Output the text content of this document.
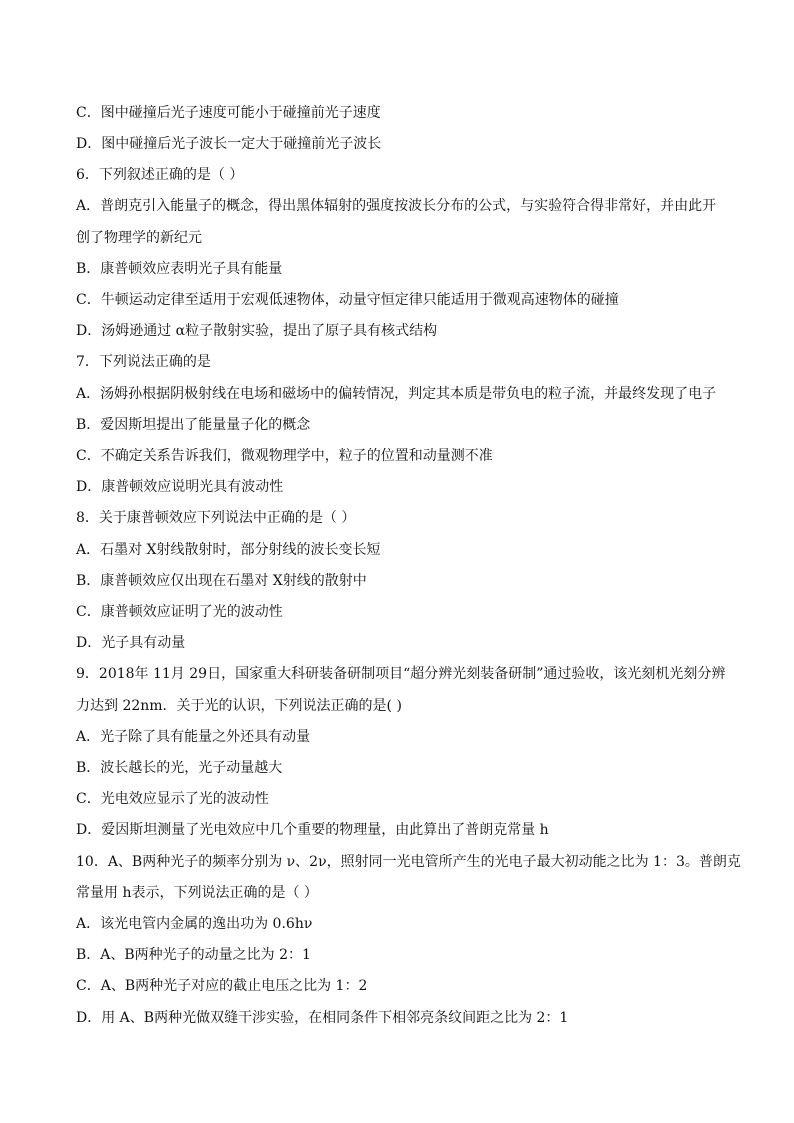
C．图中碰撞后光子速度可能小于碰撞前光子速度
D．图中碰撞后光子波长一定大于碰撞前光子波长
6．下列叙述正确的是（ ）
A．普朗克引入能量子的概念，得出黑体辐射的强度按波长分布的公式，与实验符合得非常好，并由此开
创了物理学的新纪元
B．康普顿效应表明光子具有能量
C．牛顿运动定律至适用于宏观低速物体，动量守恒定律只能适用于微观高速物体的碰撞
D．汤姆逊通过 α粒子散射实验，提出了原子具有核式结构
7．下列说法正确的是
A．汤姆孙根据阴极射线在电场和磁场中的偏转情况，判定其本质是带负电的粒子流，并最终发现了电子
B．爱因斯坦提出了能量量子化的概念
C．不确定关系告诉我们，微观物理学中，粒子的位置和动量测不准
D．康普顿效应说明光具有波动性
8．关于康普顿效应下列说法中正确的是（ ）
A．石墨对 X射线散射时，部分射线的波长变长短
B．康普顿效应仅出现在石墨对 X射线的散射中
C．康普顿效应证明了光的波动性
D．光子具有动量
9．2018年 11月 29日，国家重大科研装备研制项目“超分辨光刻装备研制”通过验收，该光刻机光刻分辨
力达到 22nm．关于光的认识，下列说法正确的是( )
A．光子除了具有能量之外还具有动量
B．波长越长的光，光子动量越大
C．光电效应显示了光的波动性
D．爱因斯坦测量了光电效应中几个重要的物理量，由此算出了普朗克常量 h
10．A、B两种光子的频率分别为 ν、2ν，照射同一光电管所产生的光电子最大初动能之比为 1：3。普朗克
常量用 h表示，下列说法正确的是（ ）
A．该光电管内金属的逸出功为 0.6hν
B．A、B两种光子的动量之比为 2：1
C．A、B两种光子对应的截止电压之比为 1：2
D．用 A、B两种光做双缝干涉实验，在相同条件下相邻亮条纹间距之比为 2：1
